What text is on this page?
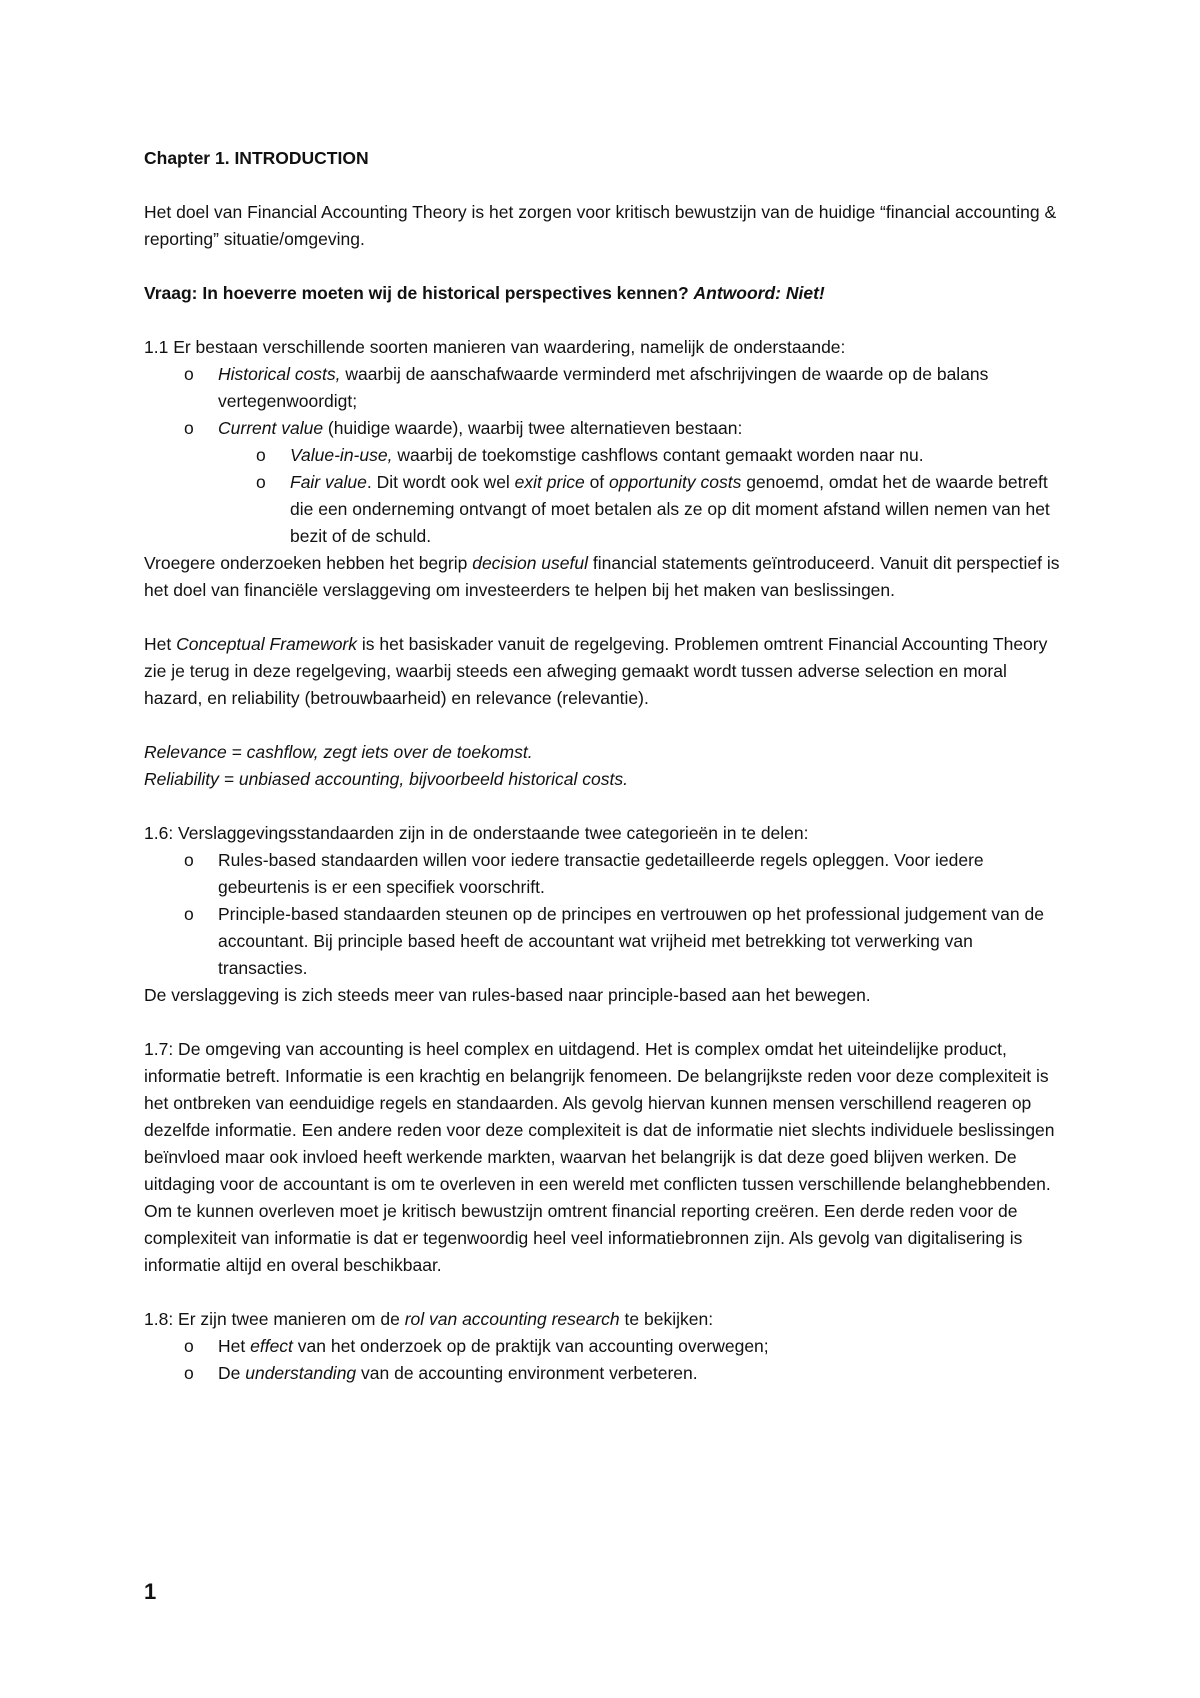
Chapter 1. INTRODUCTION

Het doel van Financial Accounting Theory is het zorgen voor kritisch bewustzijn van de huidige “financial accounting & reporting” situatie/omgeving.

Vraag: In hoeverre moeten wij de historical perspectives kennen? Antwoord: Niet!

1.1 Er bestaan verschillende soorten manieren van waardering, namelijk de onderstaande:

o Historical costs, waarbij de aanschafwaarde verminderd met afschrijvingen de waarde op de balans vertegenwoordigt;
o Current value (huidige waarde), waarbij twee alternatieven bestaan:
o Value-in-use, waarbij de toekomstige cashflows contant gemaakt worden naar nu.
o Fair value. Dit wordt ook wel exit price of opportunity costs genoemd, omdat het de waarde betreft die een onderneming ontvangt of moet betalen als ze op dit moment afstand willen nemen van het bezit of de schuld.

Vroegere onderzoeken hebben het begrip decision useful financial statements geïntroduceerd. Vanuit dit perspectief is het doel van financiële verslaggeving om investeerders te helpen bij het maken van beslissingen.

Het Conceptual Framework is het basiskader vanuit de regelgeving. Problemen omtrent Financial Accounting Theory zie je terug in deze regelgeving, waarbij steeds een afweging gemaakt wordt tussen adverse selection en moral hazard, en reliability (betrouwbaarheid) en relevance (relevantie).

Relevance = cashflow, zegt iets over de toekomst.

Reliability = unbiased accounting, bijvoorbeeld historical costs.

1.6: Verslaggevingsstandaarden zijn in de onderstaande twee categorieën in te delen:

o Rules-based standaarden willen voor iedere transactie gedetailleerde regels opleggen. Voor iedere gebeurtenis is er een specifiek voorschrift.
o Principle-based standaarden steunen op de principes en vertrouwen op het professional judgement van de accountant. Bij principle based heeft de accountant wat vrijheid met betrekking tot verwerking van transacties.

De verslaggeving is zich steeds meer van rules-based naar principle-based aan het bewegen.

1.7: De omgeving van accounting is heel complex en uitdagend. Het is complex omdat het uiteindelijke product, informatie betreft. Informatie is een krachtig en belangrijk fenomeen. De belangrijkste reden voor deze complexiteit is het ontbreken van eenduidige regels en standaarden. Als gevolg hiervan kunnen mensen verschillend reageren op dezelfde informatie. Een andere reden voor deze complexiteit is dat de informatie niet slechts individuele beslissingen beïnvloed maar ook invloed heeft werkende markten, waarvan het belangrijk is dat deze goed blijven werken. De uitdaging voor de accountant is om te overleven in een wereld met conflicten tussen verschillende belanghebbenden. Om te kunnen overleven moet je kritisch bewustzijn omtrent financial reporting creëren. Een derde reden voor de complexiteit van informatie is dat er tegenwoordig heel veel informatiebronnen zijn. Als gevolg van digitalisering is informatie altijd en overal beschikbaar.

1.8: Er zijn twee manieren om de rol van accounting research te bekijken:

o Het effect van het onderzoek op de praktijk van accounting overwegen;
o De understanding van de accounting environment verbeteren.
1
